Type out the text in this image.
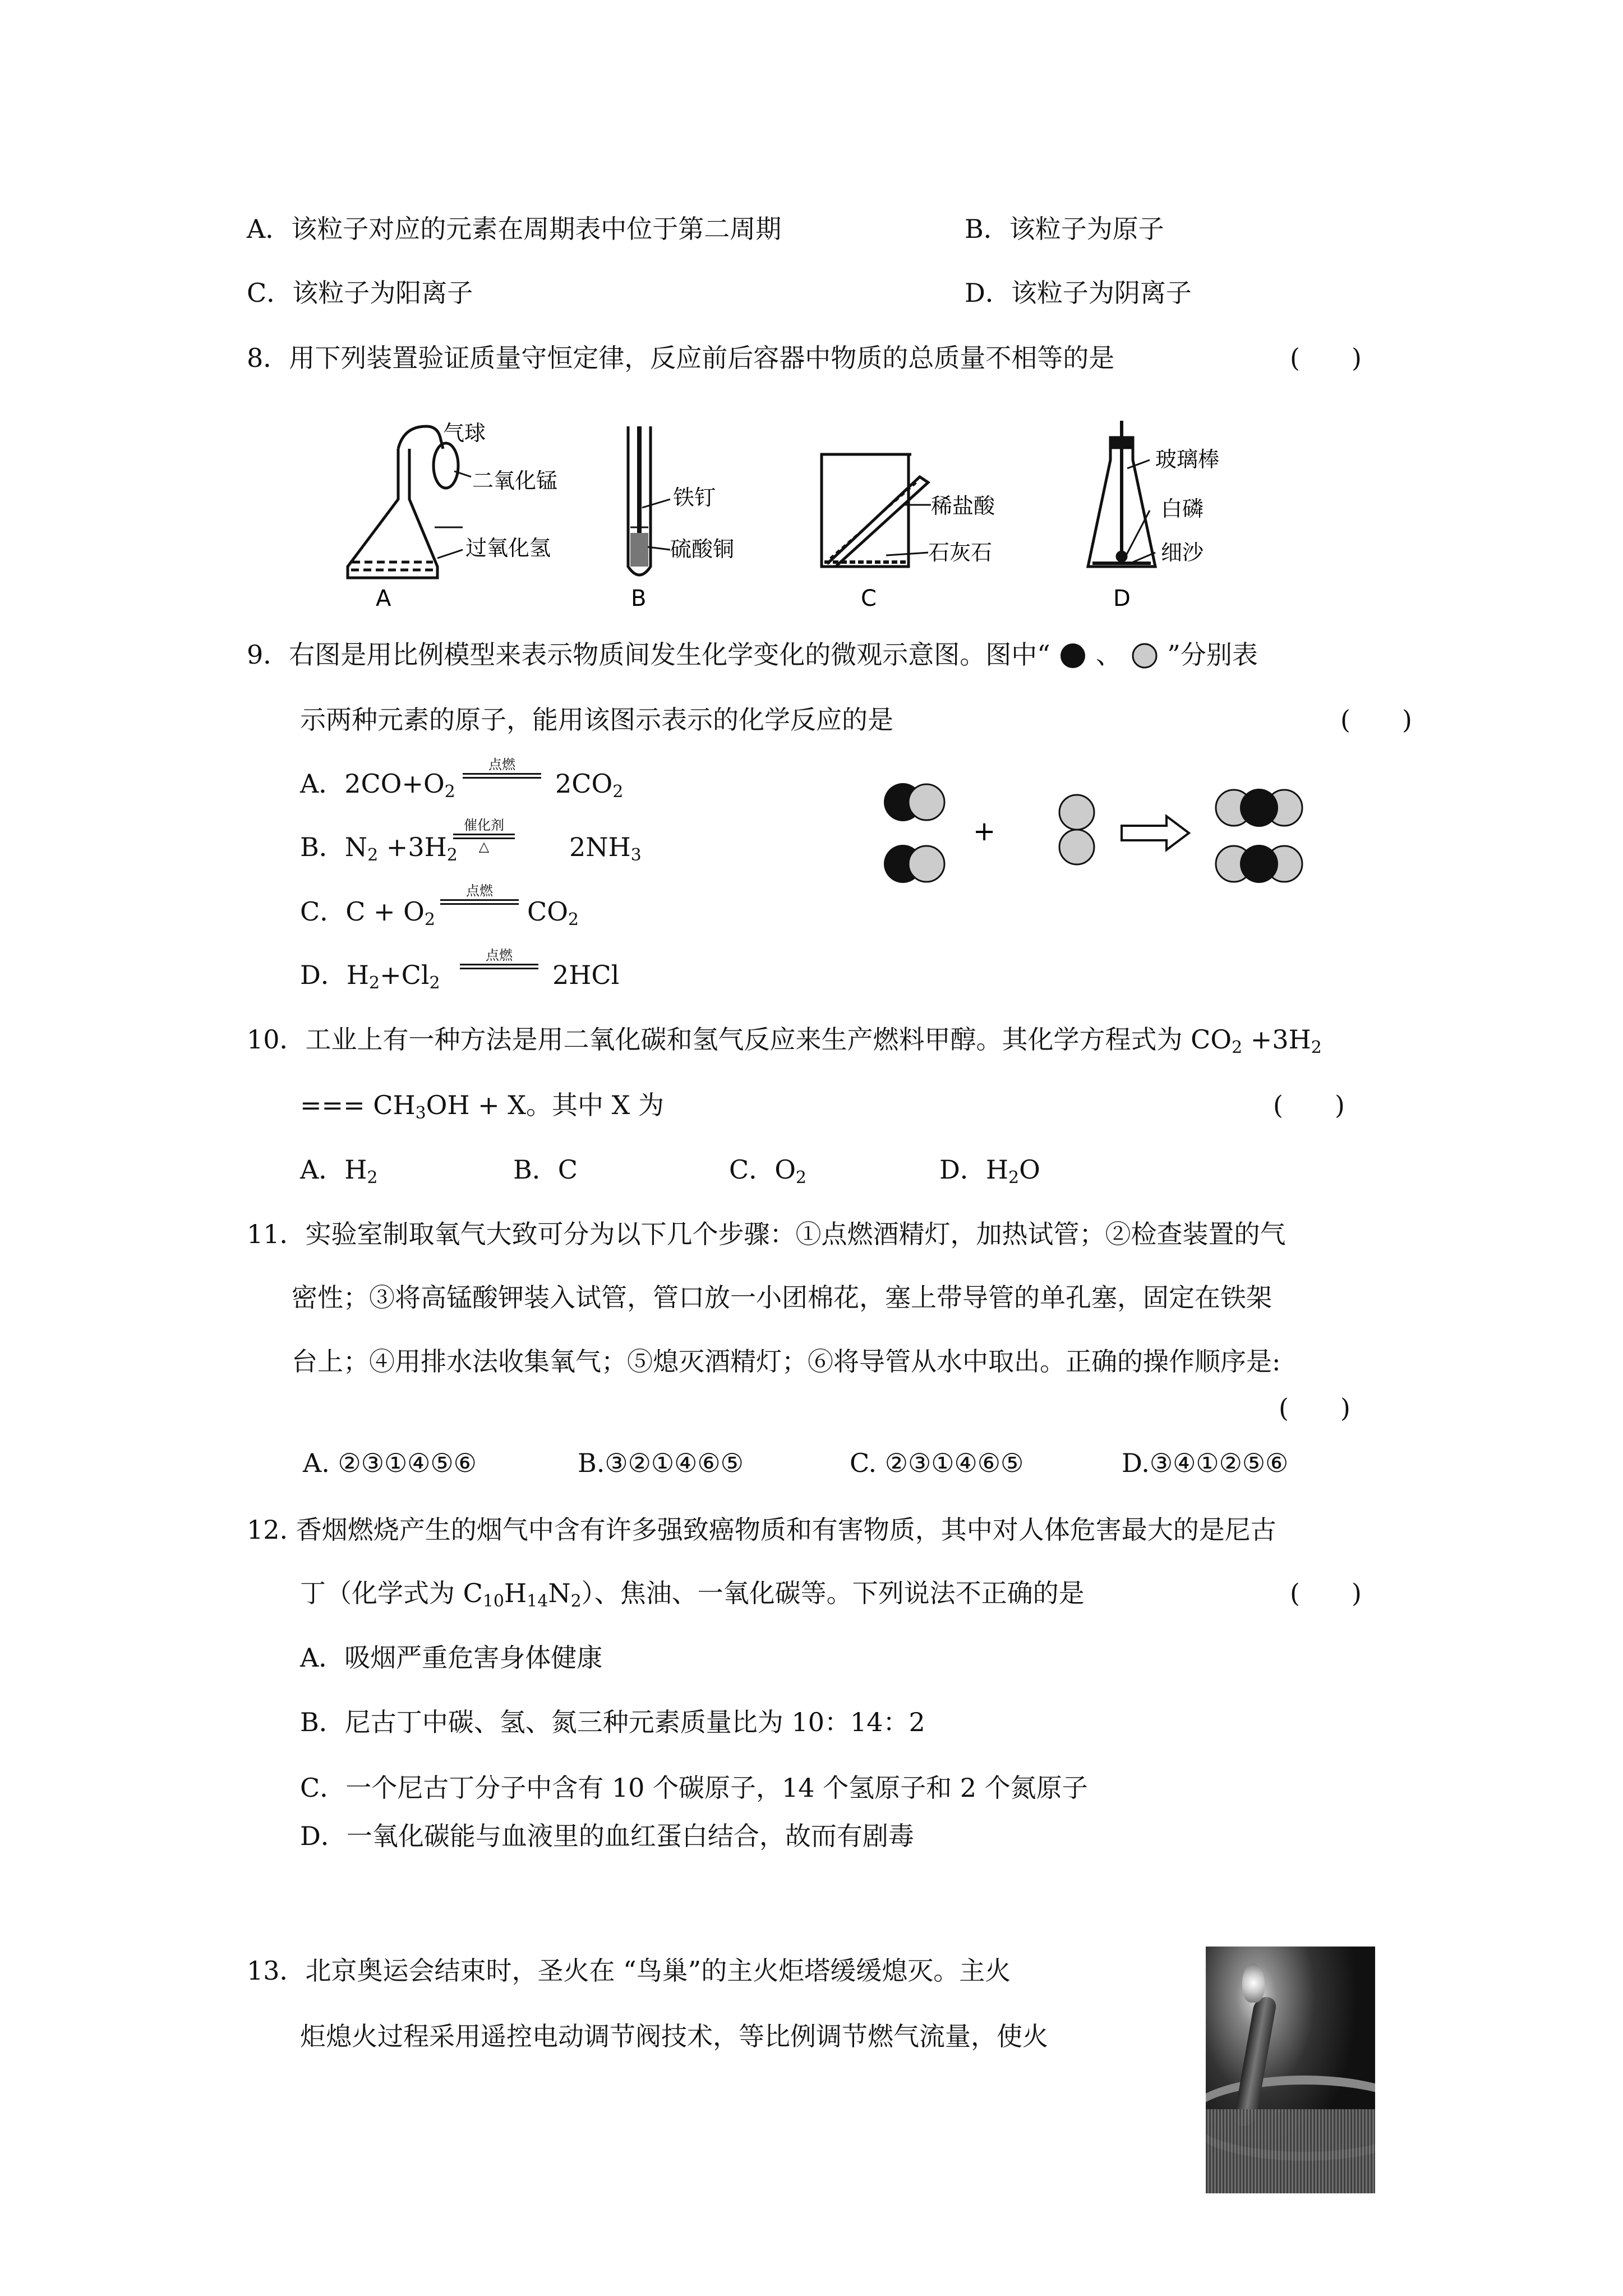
A．该粒子对应的元素在周期表中位于第二周期	B．该粒子为原子
C．该粒子为阳离子	D．该粒子为阴离子
8．用下列装置验证质量守恒定律，反应前后容器中物质的总质量不相等的是	(　　)
气球
二氧化锰
过氧化氢
A
铁钉
硫酸铜
B
稀盐酸
石灰石
C
玻璃棒
白磷
细沙
D
9．右图是用比例模型来表示物质间发生化学变化的微观示意图。图中“ 、 ”分别表
示两种元素的原子，能用该图示表示的化学反应的是	(　　)
A．$2CO+O_2$
点燃
$2CO_2$
B．$N_2 +3H_2$
催化剂
△	$2NH_3$
C．$C + O_2$
点燃
$CO_2$
D．$H_2+Cl_2$
点燃
2HCl
+
10．工业上有一种方法是用二氧化碳和氢气反应来生产燃料甲醇。其化学方程式为 $CO_2 +3H_2$
=== $CH_3OH + X$。其中 X 为	(　　)
A．$H_2$	B．C	C．$O_2$	D．$H_2O$
11．实验室制取氧气大致可分为以下几个步骤：①点燃酒精灯，加热试管；②检查装置的气
密性；③将高锰酸钾装入试管，管口放一小团棉花，塞上带导管的单孔塞，固定在铁架
台上；④用排水法收集氧气；⑤熄灭酒精灯；⑥将导管从水中取出。正确的操作顺序是:
(　　)
A. ②③①④⑤⑥	B.③②①④⑥⑤	C. ②③①④⑥⑤	D.③④①②⑤⑥
12. 香烟燃烧产生的烟气中含有许多强致癌物质和有害物质，其中对人体危害最大的是尼古
丁（化学式为 $C_{10}H_{14}N_2$）、焦油、一氧化碳等。下列说法不正确的是	(　　)
A．吸烟严重危害身体健康
B．尼古丁中碳、氢、氮三种元素质量比为 10：14：2
C．一个尼古丁分子中含有 10 个碳原子，14 个氢原子和 2 个氮原子
D．一氧化碳能与血液里的血红蛋白结合，故而有剧毒
13．北京奥运会结束时，圣火在 “鸟巢”的主火炬塔缓缓熄灭。主火
炬熄火过程采用遥控电动调节阀技术，等比例调节燃气流量，使火
